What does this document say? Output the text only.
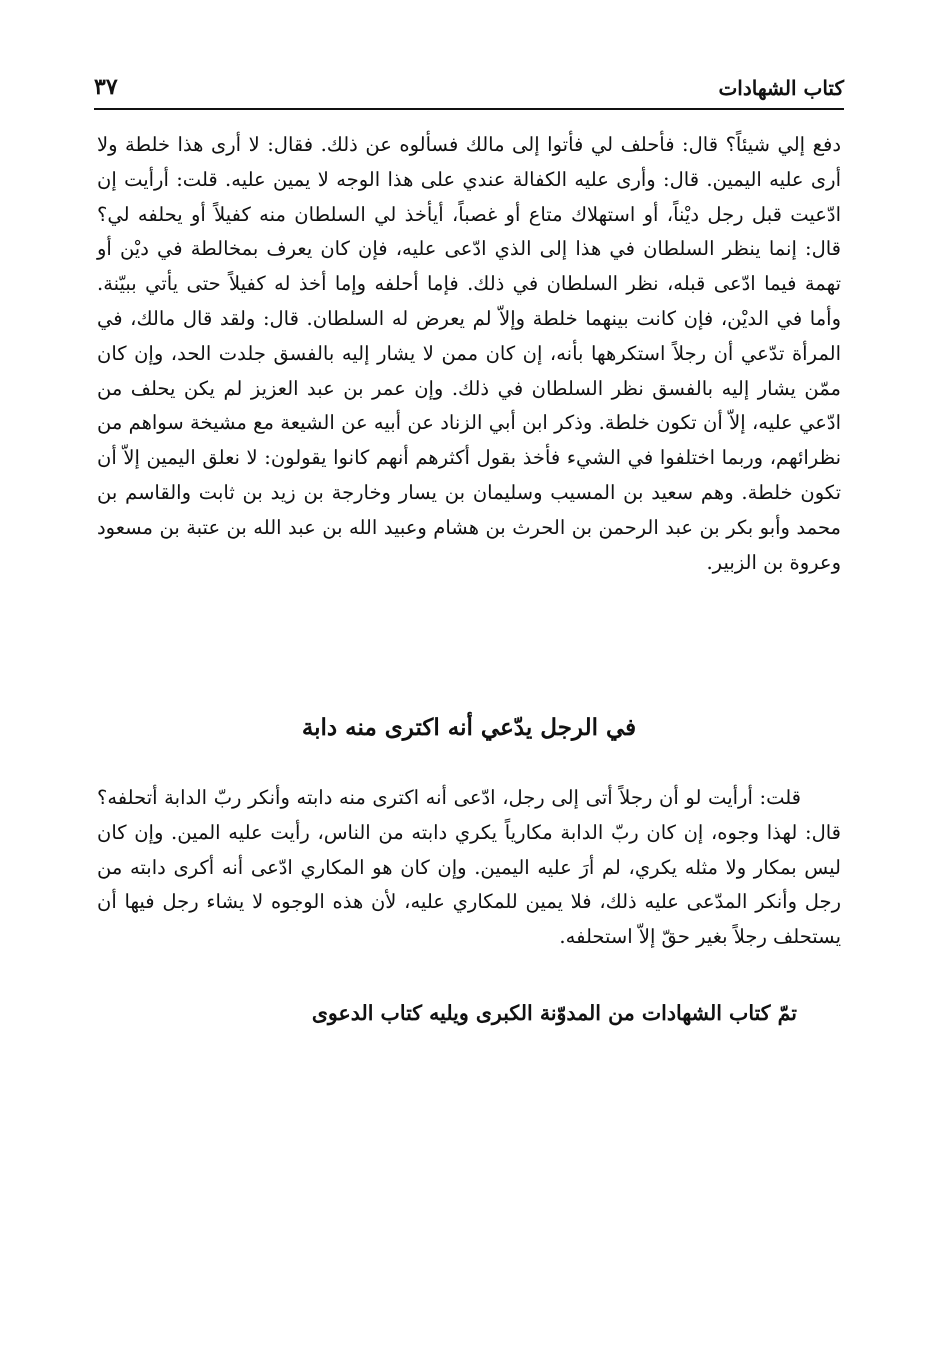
كتاب الشهادات
٣٧

دفع إلي شيئاً؟ قال: فأحلف لي فأتوا إلى مالك فسألوه عن ذلك. فقال: لا أرى هذا خلطة ولا أرى عليه اليمين. قال: وأرى عليه الكفالة عندي على هذا الوجه لا يمين عليه. قلت: أرأيت إن ادّعيت قبل رجل ديْناً، أو استهلاك متاع أو غصباً، أيأخذ لي السلطان منه كفيلاً أو يحلفه لي؟ قال: إنما ينظر السلطان في هذا إلى الذي ادّعى عليه، فإن كان يعرف بمخالطة في ديْن أو تهمة فيما ادّعى قبله، نظر السلطان في ذلك. فإما أحلفه وإما أخذ له كفيلاً حتى يأتي ببيّنة. وأما في الديْن، فإن كانت بينهما خلطة وإلاّ لم يعرض له السلطان. قال: ولقد قال مالك، في المرأة تدّعي أن رجلاً استكرهها بأنه، إن كان ممن لا يشار إليه بالفسق جلدت الحد، وإن كان ممّن يشار إليه بالفسق نظر السلطان في ذلك. وإن عمر بن عبد العزيز لم يكن يحلف من ادّعي عليه، إلاّ أن تكون خلطة. وذكر ابن أبي الزناد عن أبيه عن الشيعة مع مشيخة سواهم من نظرائهم، وربما اختلفوا في الشيء فأخذ بقول أكثرهم أنهم كانوا يقولون: لا نعلق اليمين إلاّ أن تكون خلطة. وهم سعيد بن المسيب وسليمان بن يسار وخارجة بن زيد بن ثابت والقاسم بن محمد وأبو بكر بن عبد الرحمن بن الحرث بن هشام وعبيد الله بن عبد الله بن عتبة بن مسعود وعروة بن الزبير.

في الرجل يدّعي أنه اكترى منه دابة

قلت: أرأيت لو أن رجلاً أتى إلى رجل، ادّعى أنه اكترى منه دابته وأنكر ربّ الدابة أتحلفه؟ قال: لهذا وجوه، إن كان ربّ الدابة مكارياً يكري دابته من الناس، رأيت عليه المين. وإن كان ليس بمكار ولا مثله يكري، لم أرَ عليه اليمين. وإن كان هو المكاري ادّعى أنه أكرى دابته من رجل وأنكر المدّعى عليه ذلك، فلا يمين للمكاري عليه، لأن هذه الوجوه لا يشاء رجل فيها أن يستحلف رجلاً بغير حقّ إلاّ استحلفه.

تمّ كتاب الشهادات من المدوّنة الكبرى ويليه كتاب الدعوى
